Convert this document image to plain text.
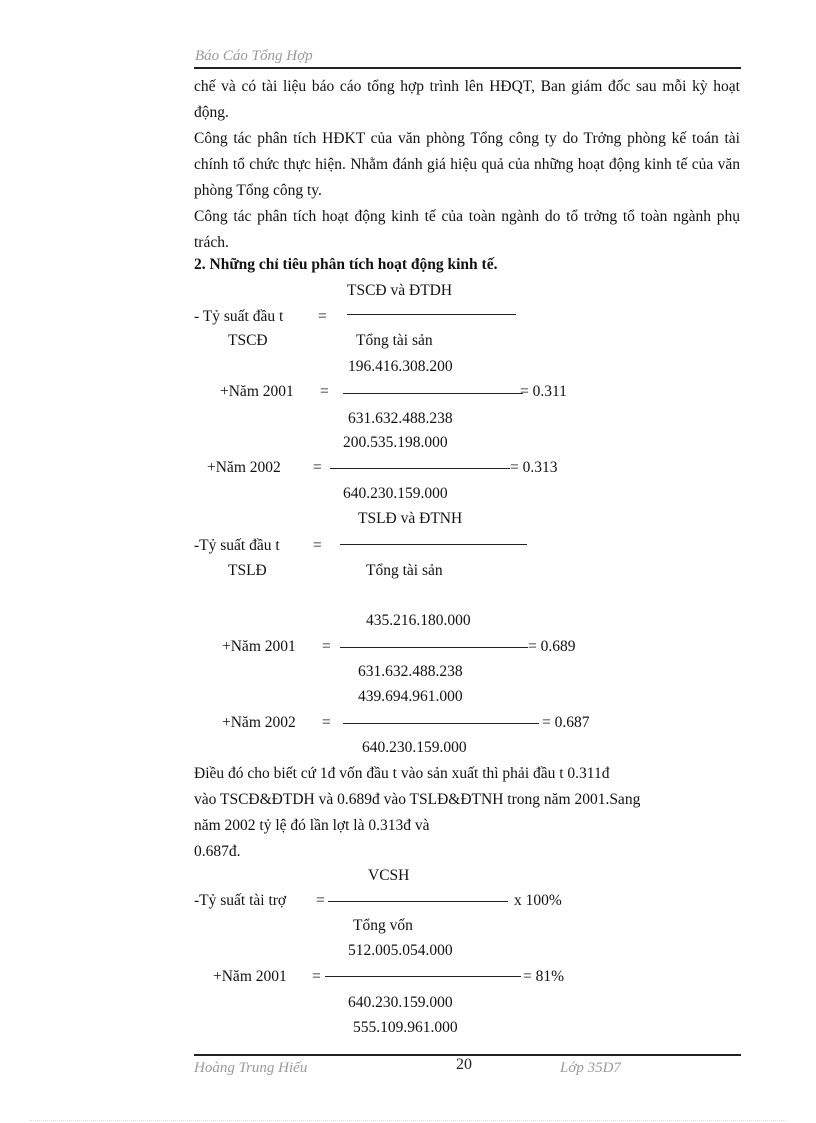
Báo Cáo Tổng Hợp

chế và có tài liệu báo cáo tổng hợp trình lên HĐQT, Ban giám đốc sau mỗi kỳ hoạt động.

Công tác phân tích HĐKT của văn phòng Tổng công ty do Trởng phòng kế toán tài chính tổ chức thực hiện. Nhằm đánh giá hiệu quả của những hoạt động kinh tế của văn phòng Tổng công ty.

Công tác phân tích hoạt động kinh tế của toàn ngành do tổ trởng tổ toàn ngành phụ trách.

2. Những chỉ tiêu phân tích hoạt động kinh tế.
TSCĐ và ĐTDH
- Tỷ suất đầu t =
TSCĐ	Tổng tài sản
196.416.308.200
+Năm 2001 =	= 0.311
631.632.488.238
200.535.198.000
+Năm 2002 =	= 0.313
640.230.159.000
TSLĐ và ĐTNH
-Tỷ suất đầu t =
TSLĐ	Tổng tài sản
435.216.180.000
+Năm 2001 =	= 0.689
631.632.488.238
439.694.961.000
+Năm 2002 =	= 0.687
640.230.159.000
Điều đó cho biết cứ 1đ vốn đầu t vào sản xuất thì phải đầu t 0.311đ
vào TSCĐ&ĐTDH và 0.689đ vào TSLĐ&ĐTNH trong năm 2001.Sang
năm 2002 tỷ lệ đó lần lợt là 0.313đ và
0.687đ.
VCSH
-Tỷ suất tài trợ =	x 100%
Tổng vốn
512.005.054.000
+Năm 2001 =	= 81%
640.230.159.000
555.109.961.000
Hoàng Trung Hiếu	20	Lớp 35D7
